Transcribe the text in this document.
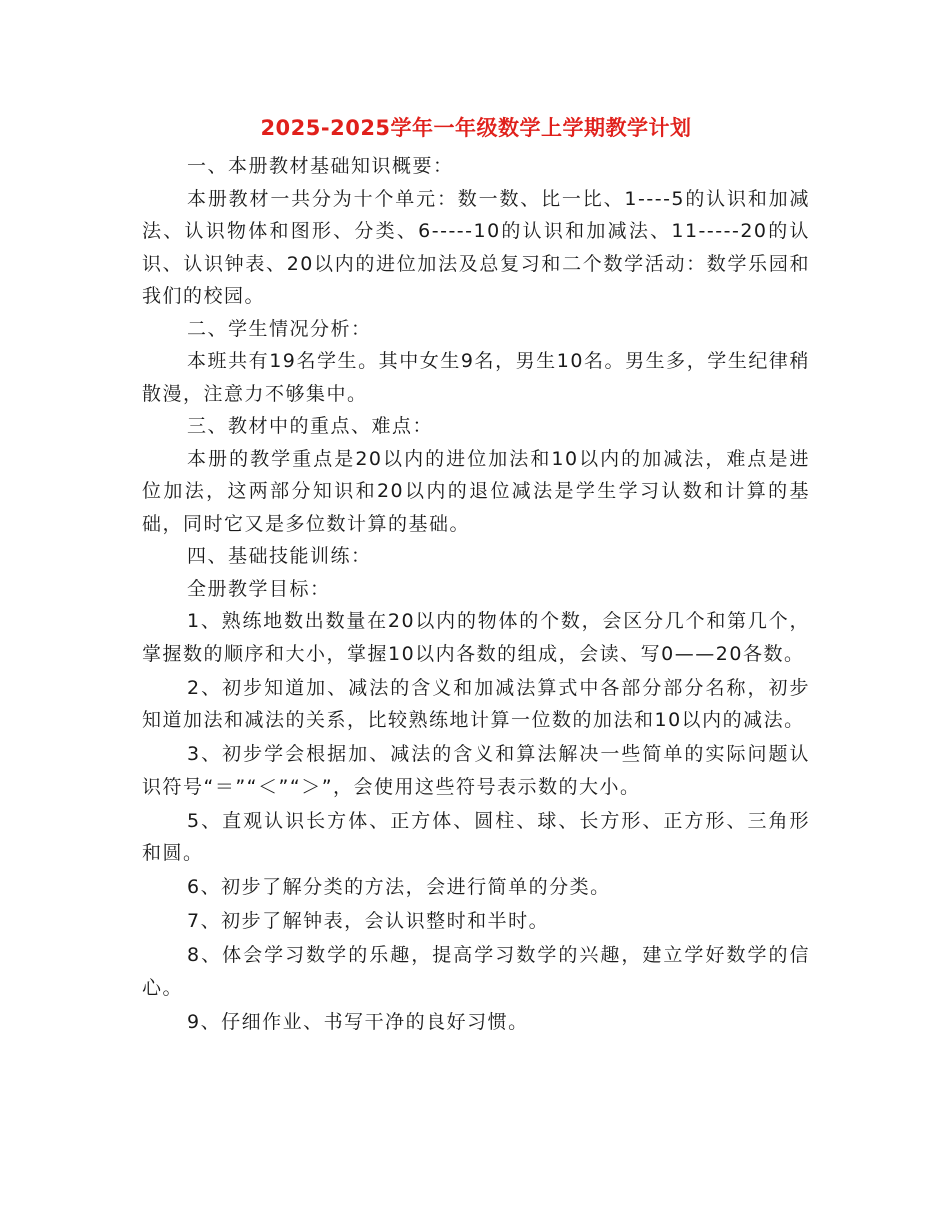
2025-2025学年一年级数学上学期教学计划

一、本册教材基础知识概要：

本册教材一共分为十个单元：数一数、比一比、1----5的认识和加减法、认识物体和图形、分类、6-----10的认识和加减法、11-----20的认识、认识钟表、20以内的进位加法及总复习和二个数学活动：数学乐园和我们的校园。

二、学生情况分析：

本班共有19名学生。其中女生9名，男生10名。男生多，学生纪律稍散漫，注意力不够集中。

三、教材中的重点、难点：

本册的教学重点是20以内的进位加法和10以内的加减法，难点是进位加法，这两部分知识和20以内的退位减法是学生学习认数和计算的基础，同时它又是多位数计算的基础。

四、基础技能训练：

全册教学目标：

1、熟练地数出数量在20以内的物体的个数，会区分几个和第几个，掌握数的顺序和大小，掌握10以内各数的组成，会读、写0——20各数。

2、初步知道加、减法的含义和加减法算式中各部分部分名称，初步知道加法和减法的关系，比较熟练地计算一位数的加法和10以内的减法。

3、初步学会根据加、减法的含义和算法解决一些简单的实际问题认识符号“＝”“＜”“＞”，会使用这些符号表示数的大小。

5、直观认识长方体、正方体、圆柱、球、长方形、正方形、三角形和圆。

6、初步了解分类的方法，会进行简单的分类。

7、初步了解钟表，会认识整时和半时。

8、体会学习数学的乐趣，提高学习数学的兴趣，建立学好数学的信心。

9、仔细作业、书写干净的良好习惯。
